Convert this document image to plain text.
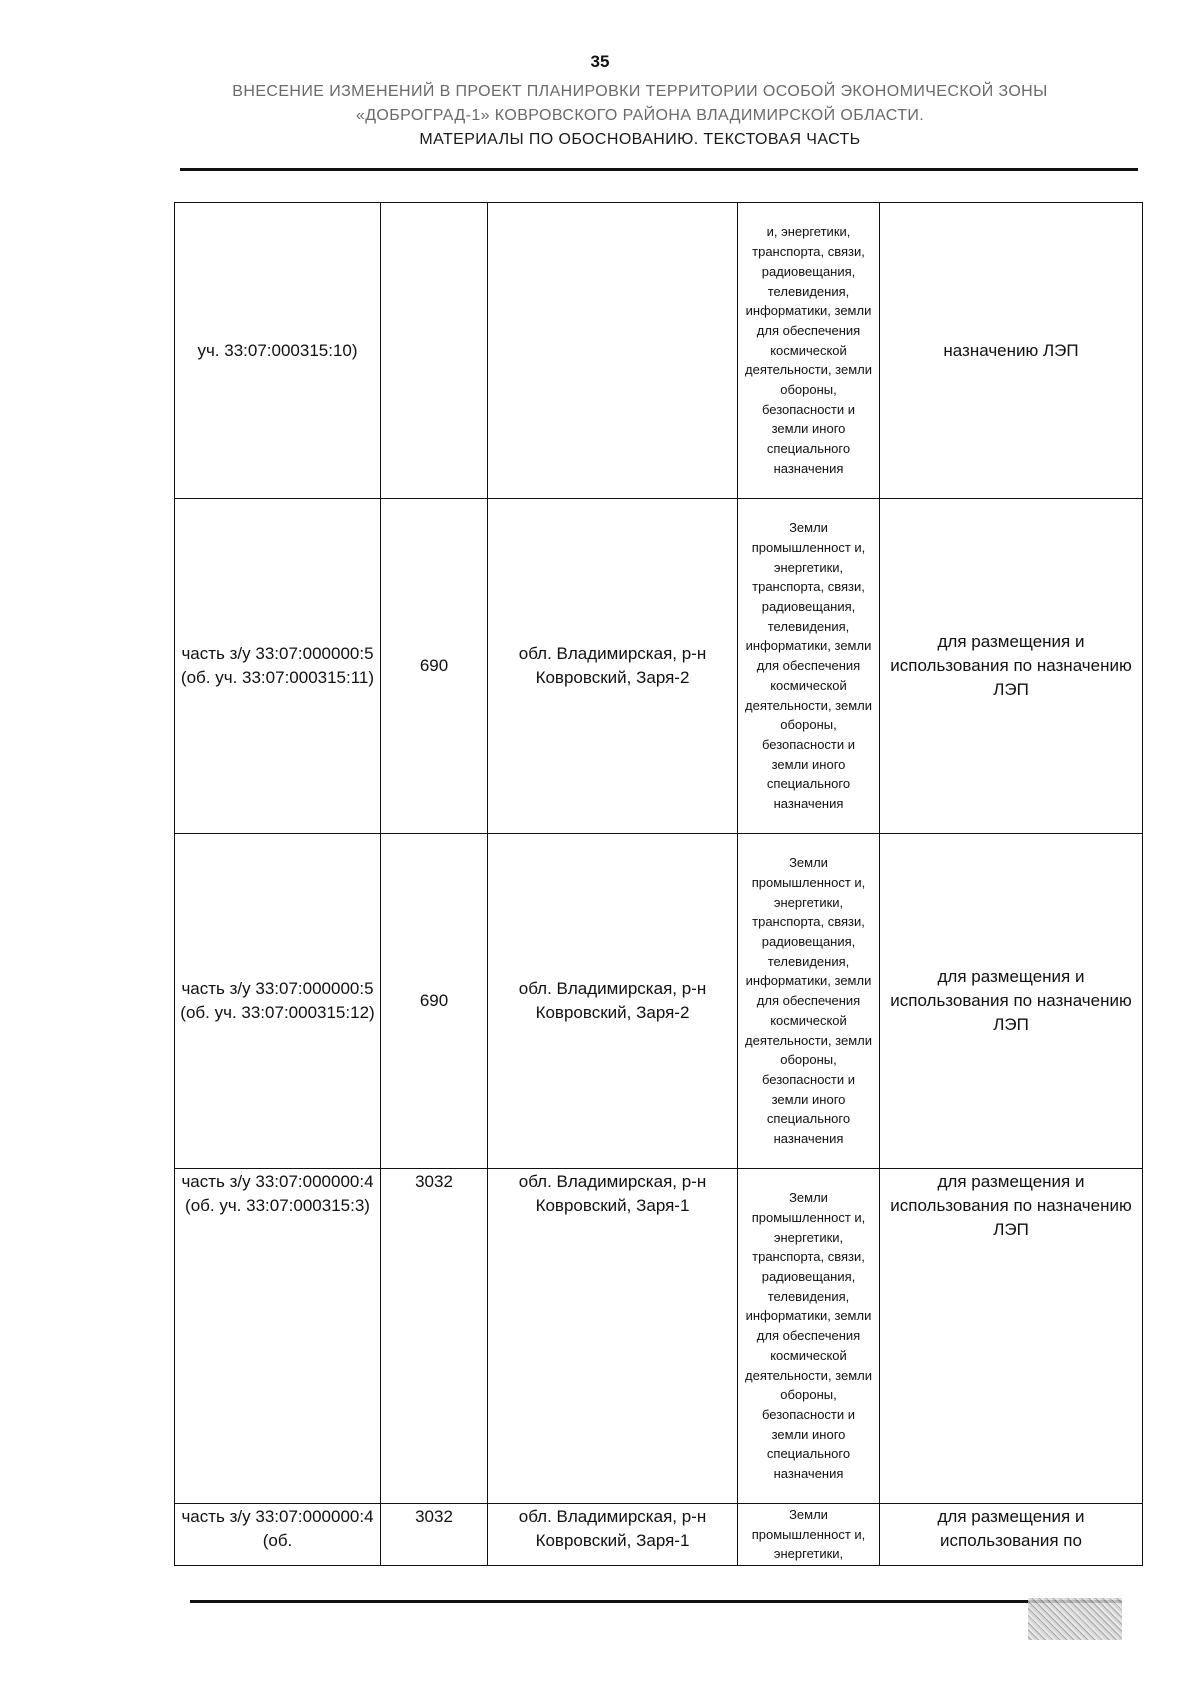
35
ВНЕСЕНИЕ ИЗМЕНЕНИЙ В ПРОЕКТ ПЛАНИРОВКИ ТЕРРИТОРИИ ОСОБОЙ ЭКОНОМИЧЕСКОЙ ЗОНЫ
«ДОБРОГРАД-1» КОВРОВСКОГО РАЙОНА ВЛАДИМИРСКОЙ ОБЛАСТИ.
МАТЕРИАЛЫ ПО ОБОСНОВАНИЮ. ТЕКСТОВАЯ ЧАСТЬ
уч. 33:07:000315:10)			и, энергетики, транспорта, связи, радиовещания, телевидения, информатики, земли для обеспечения космической деятельности, земли обороны, безопасности и земли иного специального назначения	назначению ЛЭП

часть з/у 33:07:000000:5 (об. уч. 33:07:000315:11)	690	обл. Владимирская, р-н Ковровский, Заря-2	Земли промышленност и, энергетики, транспорта, связи, радиовещания, телевидения, информатики, земли для обеспечения космической деятельности, земли обороны, безопасности и земли иного специального назначения	для размещения и использования по назначению ЛЭП

часть з/у 33:07:000000:5 (об. уч. 33:07:000315:12)	690	обл. Владимирская, р-н Ковровский, Заря-2	Земли промышленност и, энергетики, транспорта, связи, радиовещания, телевидения, информатики, земли для обеспечения космической деятельности, земли обороны, безопасности и земли иного специального назначения	для размещения и использования по назначению ЛЭП

часть з/у 33:07:000000:4 (об. уч. 33:07:000315:3)	3032	обл. Владимирская, р-н Ковровский, Заря-1	Земли промышленност и, энергетики, транспорта, связи, радиовещания, телевидения, информатики, земли для обеспечения космической деятельности, земли обороны, безопасности и земли иного специального назначения	для размещения и использования по назначению ЛЭП

часть з/у 33:07:000000:4 (об.	3032	обл. Владимирская, р-н Ковровский, Заря-1	Земли промышленност и, энергетики,	для размещения и использования по
